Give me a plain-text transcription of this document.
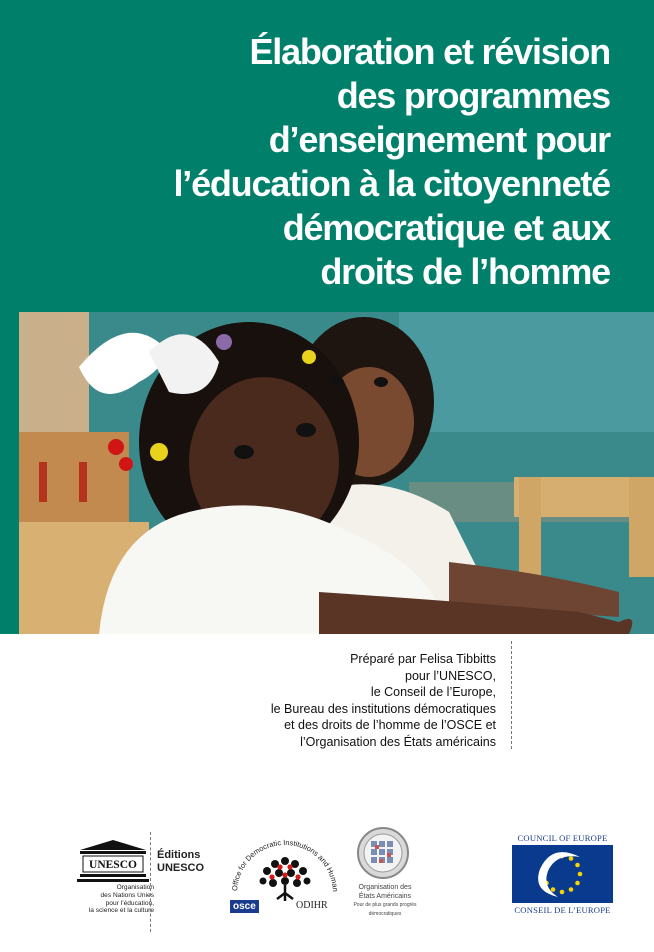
Élaboration et révision
des programmes
d’enseignement pour
l’éducation à la citoyenneté
démocratique et aux
droits de l’homme
Préparé par Felisa Tibbitts
pour l’UNESCO,
le Conseil de l’Europe,
le Bureau des institutions démocratiques
et des droits de l’homme de l’OSCE et
l’Organisation des États américains
UNESCO
Organisation
des Nations Unies
pour l’éducation,
la science et la culture
Éditions
UNESCO
Office for Democratic Institutions and Human
osce	ODIHR
Organisation des
États Américains
Pour de plus grands progrès démocratiques
COUNCIL OF EUROPE
CONSEIL DE L’EUROPE
